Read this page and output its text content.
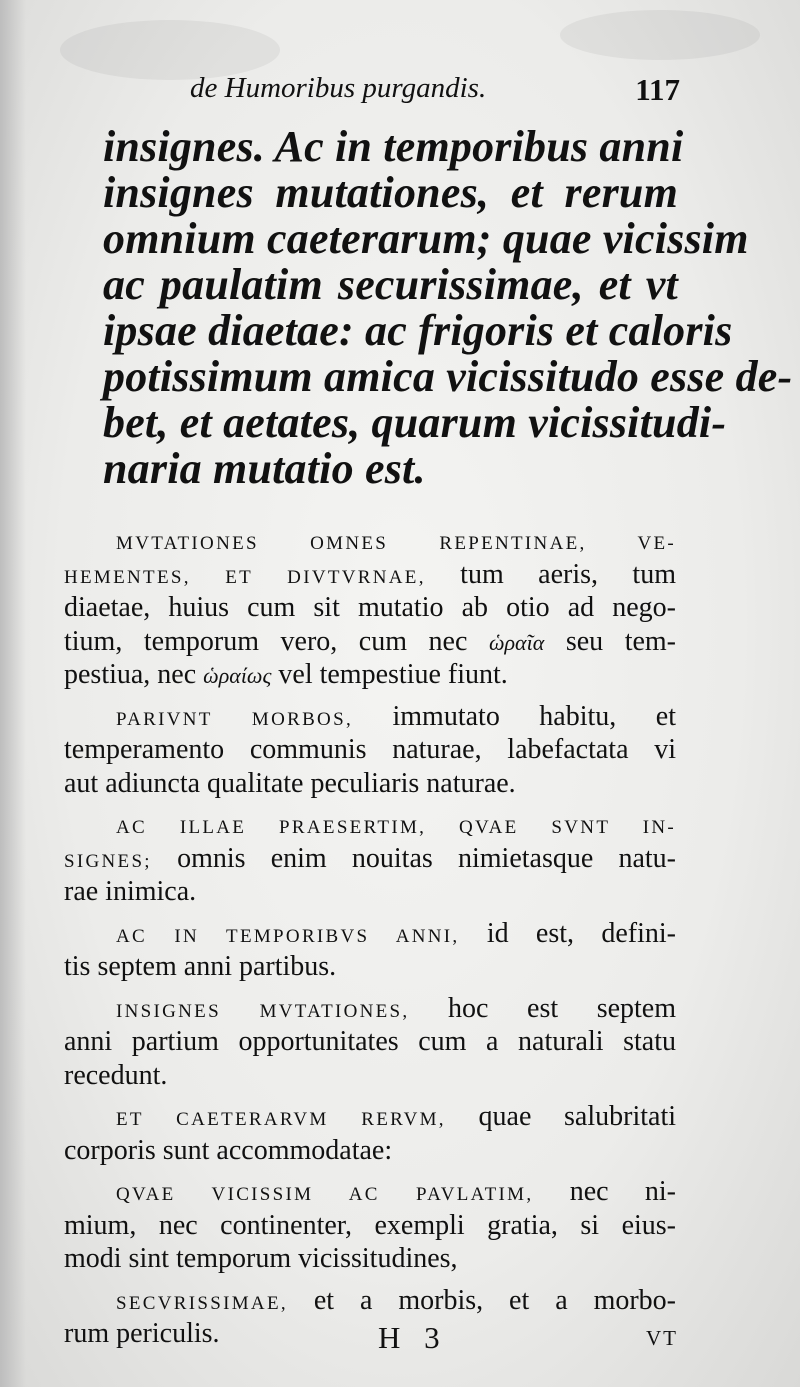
de Humoribus purgandis.	117
insignes. Ac in temporibus anni
insignes mutationes, et rerum
omnium caeterarum; quae vicissim
ac paulatim securissimae, et vt
ipsae diaetae: ac frigoris et caloris
potissimum amica vicissitudo esse de-
bet, et aetates, quarum vicissitudi-
naria mutatio est.
MVTATIONES OMNES REPENTINAE, VE-
HEMENTES, ET DIVTVRNAE, tum aeris, tum
diaetae, huius cum sit mutatio ab otio ad nego-
tium, temporum vero, cum nec ὡραῖα seu tem-
pestiua, nec ὡραίως vel tempestiue fiunt.
PARIVNT MORBOS, immutato habitu, et
temperamento communis naturae, labefactata vi
aut adiuncta qualitate peculiaris naturae.
AC ILLAE PRAESERTIM, QVAE SVNT IN-
SIGNES; omnis enim nouitas nimietasque natu-
rae inimica.
AC IN TEMPORIBVS ANNI, id est, defini-
tis septem anni partibus.
INSIGNES MVTATIONES, hoc est septem
anni partium opportunitates cum a naturali statu
recedunt.
ET CAETERARVM RERVM, quae salubritati
corporis sunt accommodatae:
QVAE VICISSIM AC PAVLATIM, nec ni-
mium, nec continenter, exempli gratia, si eius-
modi sint temporum vicissitudines,
SECVRISSIMAE, et a morbis, et a morbo-
rum periculis.	H 3	VT
